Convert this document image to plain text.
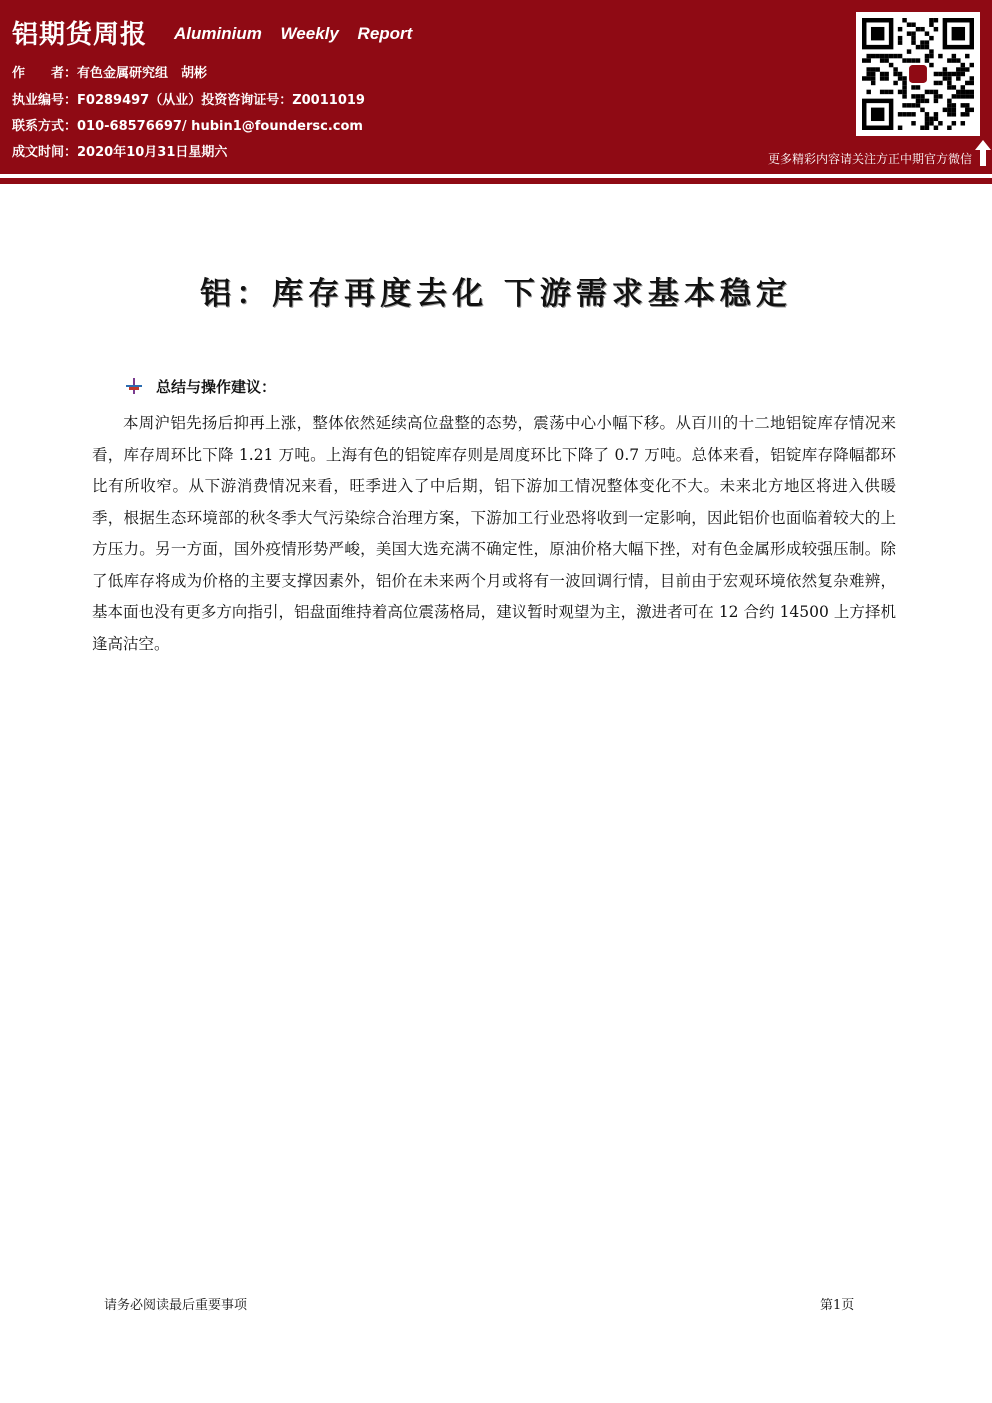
铝期货周报 Aluminium Weekly Report
作　　者：有色金属研究组　胡彬
执业编号：F0289497（从业）投资咨询证号：Z0011019
联系方式：010-68576697/ hubin1@foundersc.com
成文时间：2020年10月31日星期六	更多精彩内容请关注方正中期官方微信
铝：库存再度去化 下游需求基本稳定
总结与操作建议：

本周沪铝先扬后抑再上涨，整体依然延续高位盘整的态势，震荡中心小幅下移。从百川的十二地铝锭库存情况来看，库存周环比下降 1.21 万吨。上海有色的铝锭库存则是周度环比下降了 0.7 万吨。总体来看，铝锭库存降幅都环比有所收窄。从下游消费情况来看，旺季进入了中后期，铝下游加工情况整体变化不大。未来北方地区将进入供暖季，根据生态环境部的秋冬季大气污染综合治理方案，下游加工行业恐将收到一定影响，因此铝价也面临着较大的上方压力。另一方面，国外疫情形势严峻，美国大选充满不确定性，原油价格大幅下挫，对有色金属形成较强压制。除了低库存将成为价格的主要支撑因素外，铝价在未来两个月或将有一波回调行情，目前由于宏观环境依然复杂难辨，基本面也没有更多方向指引，铝盘面维持着高位震荡格局，建议暂时观望为主，激进者可在 12 合约 14500 上方择机逢高沽空。

请务必阅读最后重要事项	第1页
